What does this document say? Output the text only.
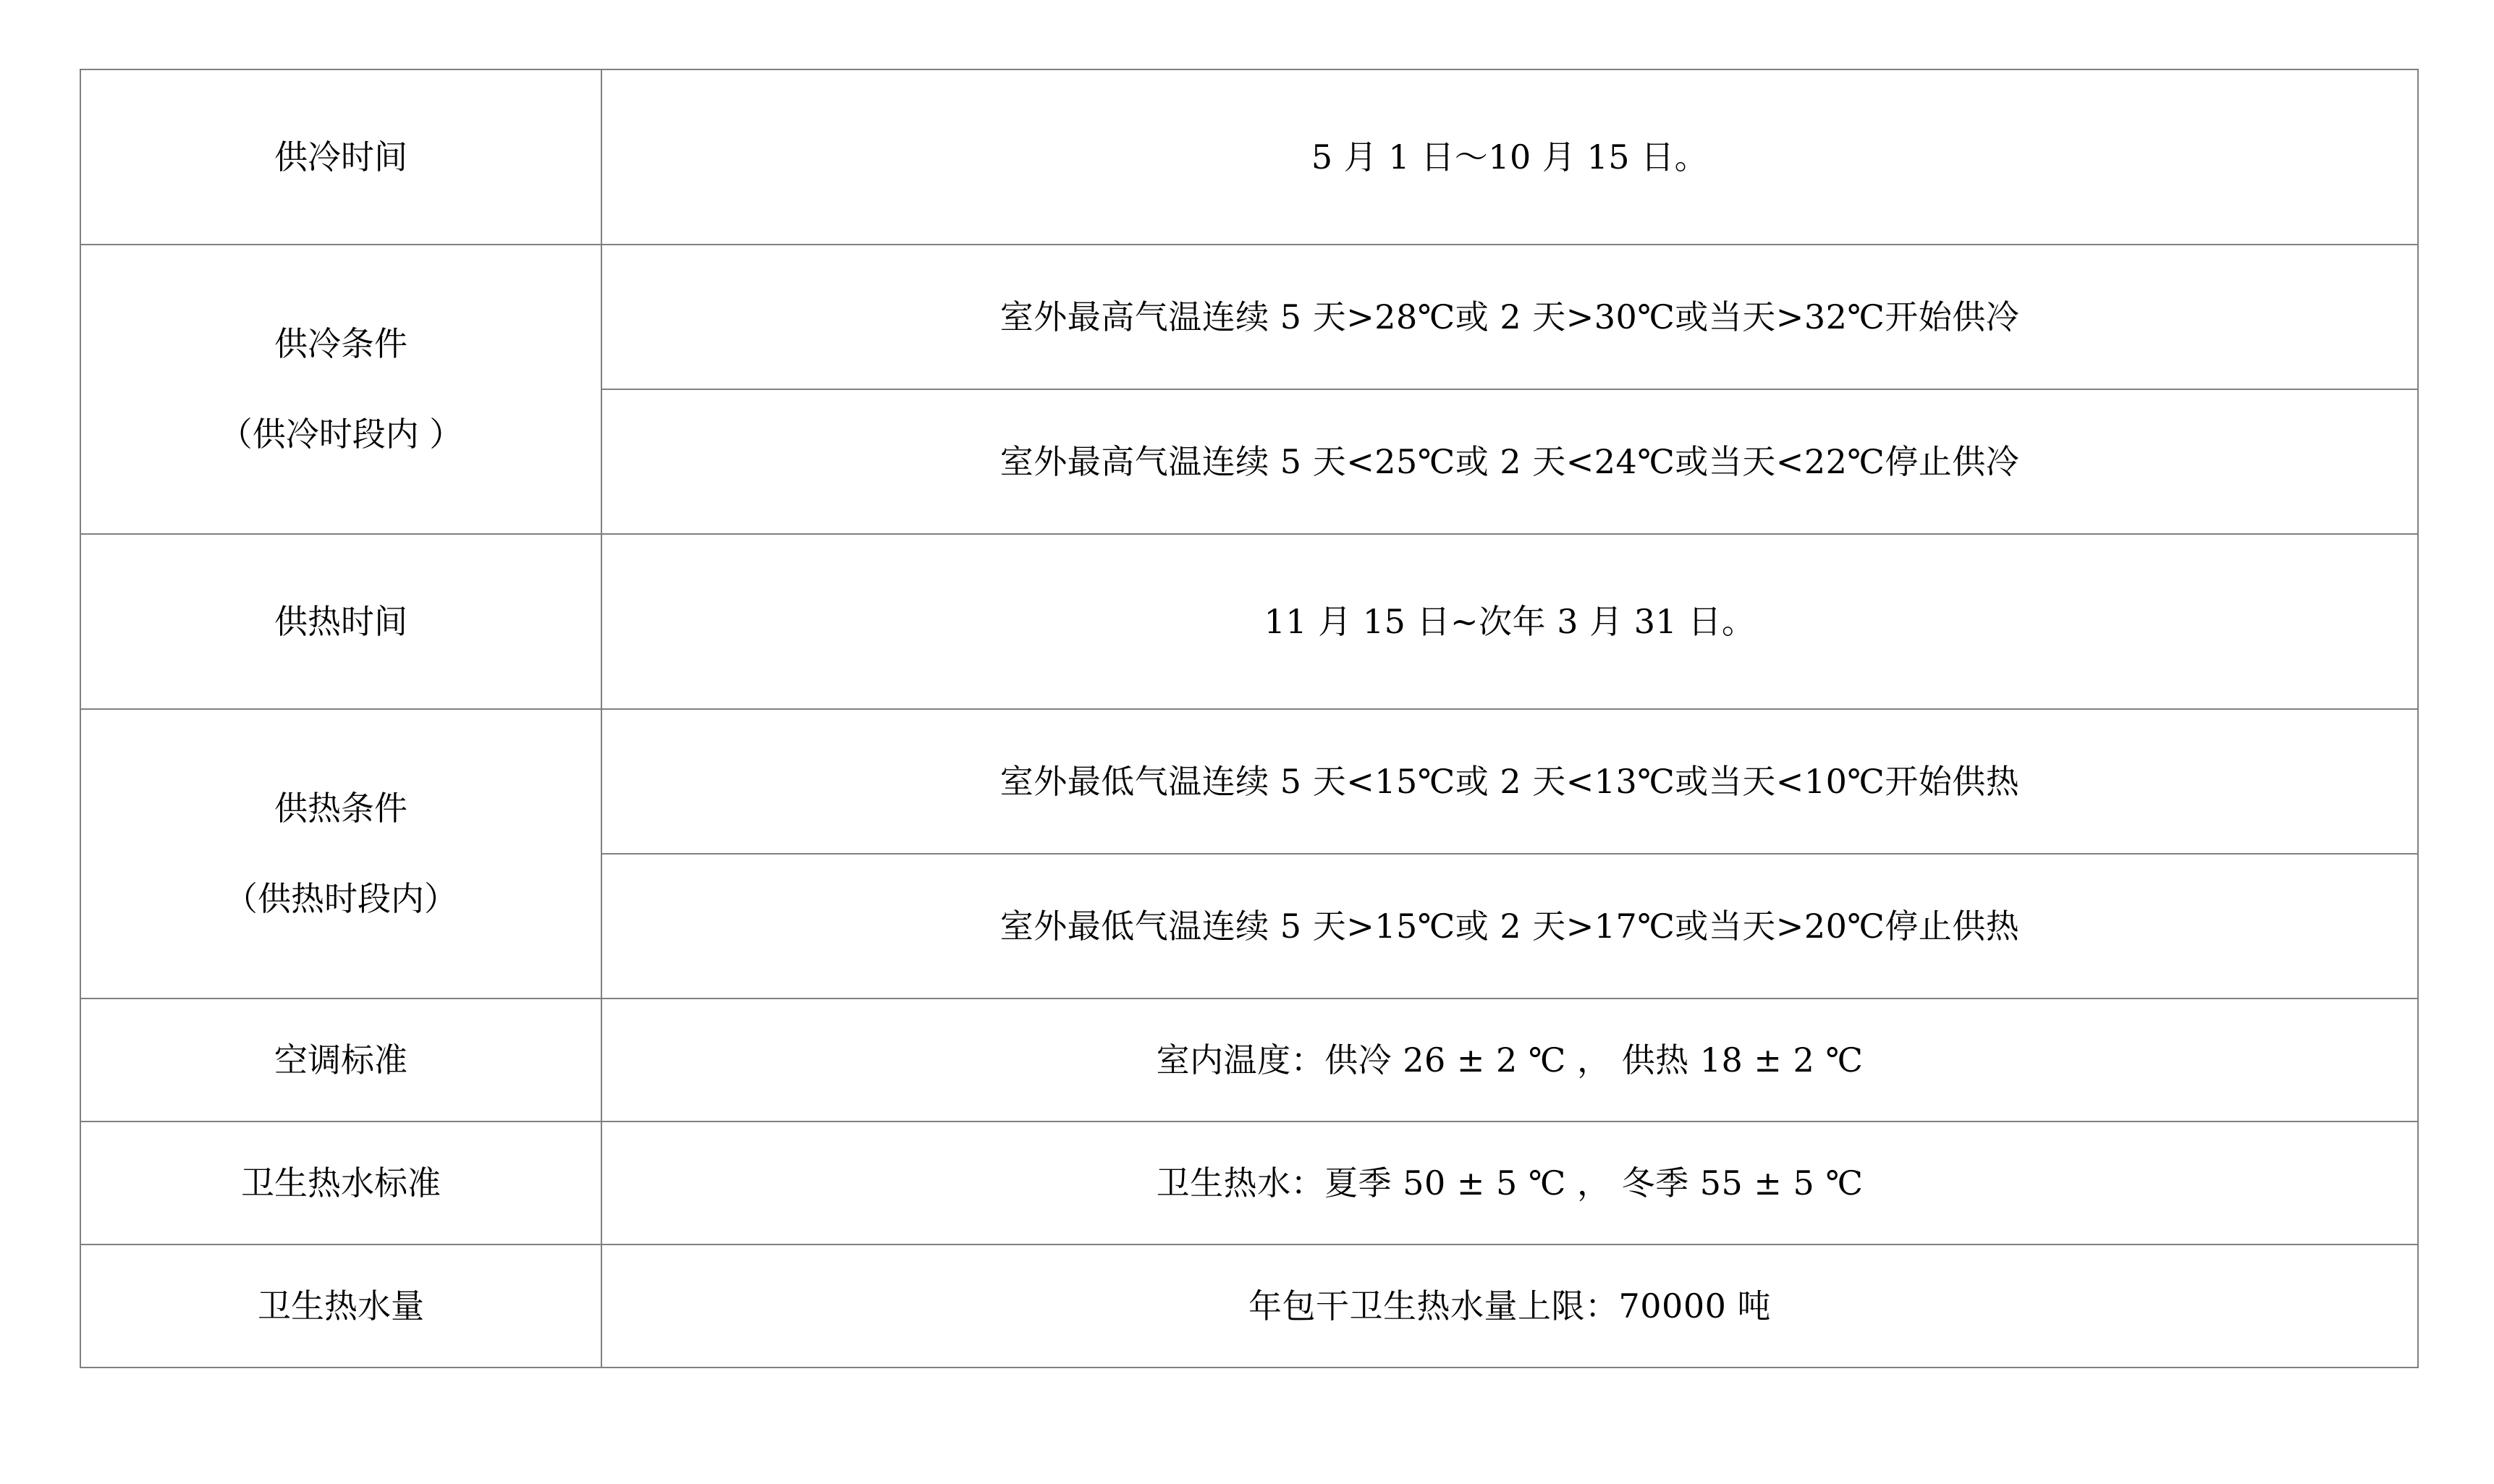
供冷时间	5 月 1 日～10 月 15 日。

供冷条件
（供冷时段内 ）	室外最高气温连续 5 天>28℃或 2 天>30℃或当天>32℃开始供冷
	室外最高气温连续 5 天<25℃或 2 天<24℃或当天<22℃停止供冷
供热时间	11 月 15 日~次年 3 月 31 日。

供热条件
（供热时段内）	室外最低气温连续 5 天<15℃或 2 天<13℃或当天<10℃开始供热
	室外最低气温连续 5 天>15℃或 2 天>17℃或当天>20℃停止供热
空调标准	室内温度：供冷 26 ± 2 ℃ ， 供热 18 ± 2 ℃
卫生热水标准	卫生热水：夏季 50 ± 5 ℃ ， 冬季 55 ± 5 ℃
卫生热水量	年包干卫生热水量上限：70000 吨
